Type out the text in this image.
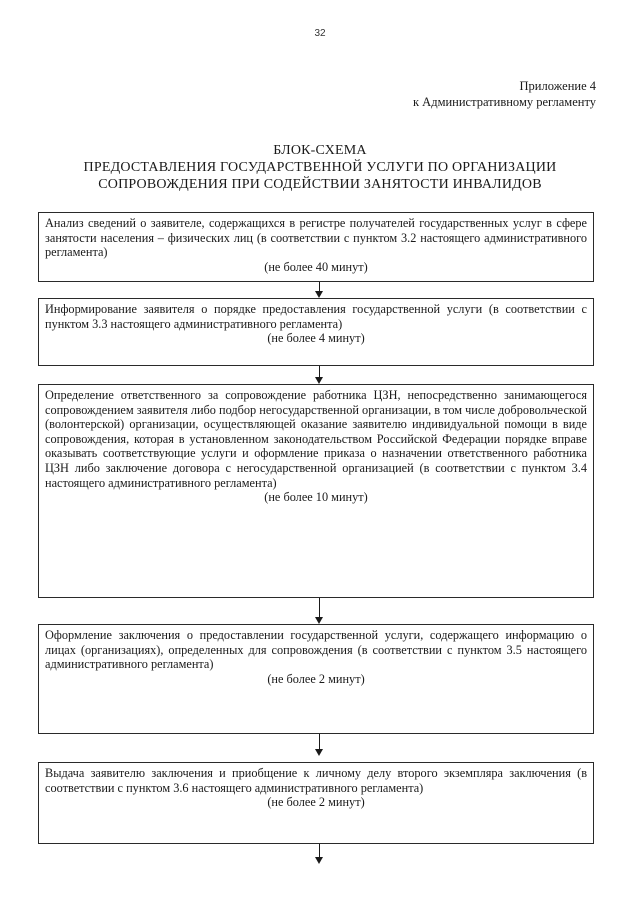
32
Приложение 4
к Административному регламенту
БЛОК-СХЕМА
ПРЕДОСТАВЛЕНИЯ ГОСУДАРСТВЕННОЙ УСЛУГИ ПО ОРГАНИЗАЦИИ
СОПРОВОЖДЕНИЯ ПРИ СОДЕЙСТВИИ ЗАНЯТОСТИ ИНВАЛИДОВ
Анализ сведений о заявителе, содержащихся в регистре получателей государственных услуг в сфере занятости населения – физических лиц (в соответствии с пунктом 3.2 настоящего административного регламента)
(не более 40 минут)
Информирование заявителя о порядке предоставления государственной услуги (в соответствии с пунктом 3.3 настоящего административного регламента)
(не более 4 минут)
Определение ответственного за сопровождение работника ЦЗН, непосредственно занимающегося сопровождением заявителя либо подбор негосударственной организации, в том числе добровольческой (волонтерской) организации, осуществляющей оказание заявителю индивидуальной помощи в виде сопровождения, которая в установленном законодательством Российской Федерации порядке вправе оказывать соответствующие услуги и оформление приказа о назначении ответственного работника ЦЗН либо заключение договора с негосударственной организацией (в соответствии с пунктом 3.4 настоящего административного регламента)
(не более 10 минут)
Оформление заключения о предоставлении государственной услуги, содержащего информацию о лицах (организациях), определенных для сопровождения (в соответствии с пунктом 3.5 настоящего административного регламента)
(не более 2 минут)
Выдача заявителю заключения и приобщение к личному делу второго экземпляра заключения (в соответствии с пунктом 3.6 настоящего административного регламента)
(не более 2 минут)
